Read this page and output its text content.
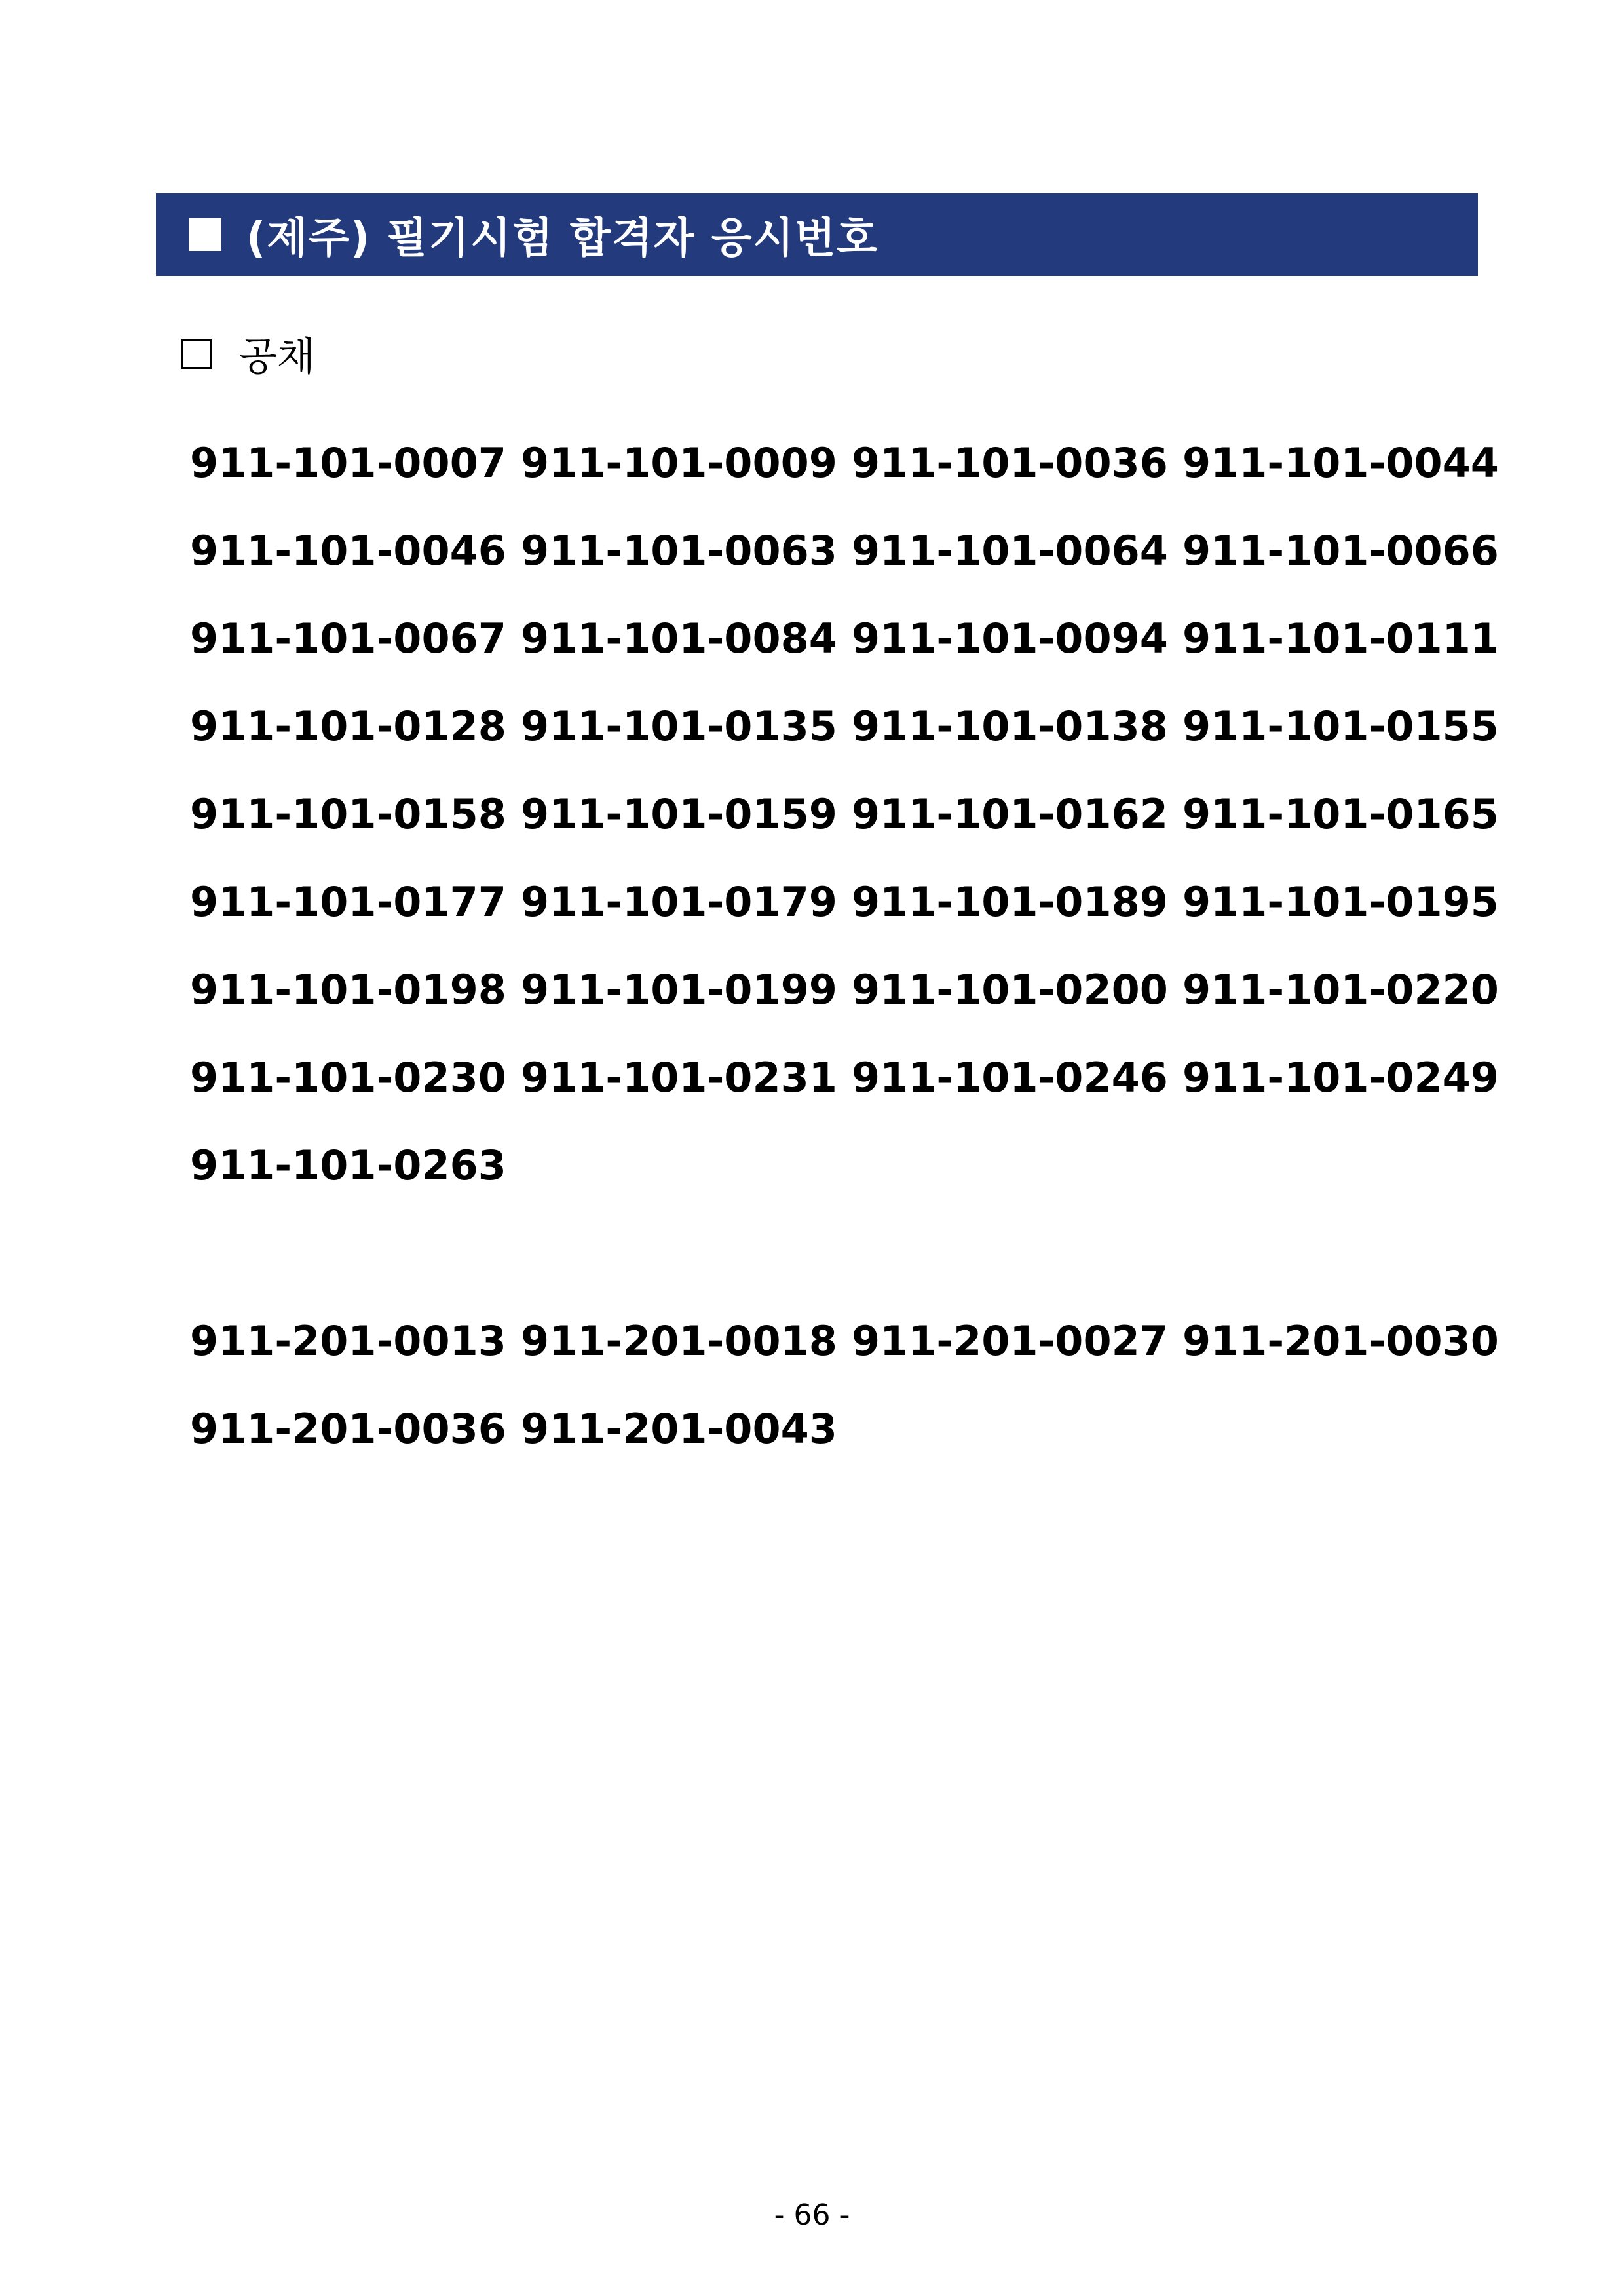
(제주) 필기시험 합격자 응시번호
공채
911-101-0007 911-101-0009 911-101-0036 911-101-0044
911-101-0046 911-101-0063 911-101-0064 911-101-0066
911-101-0067 911-101-0084 911-101-0094 911-101-0111
911-101-0128 911-101-0135 911-101-0138 911-101-0155
911-101-0158 911-101-0159 911-101-0162 911-101-0165
911-101-0177 911-101-0179 911-101-0189 911-101-0195
911-101-0198 911-101-0199 911-101-0200 911-101-0220
911-101-0230 911-101-0231 911-101-0246 911-101-0249
911-101-0263
911-201-0013 911-201-0018 911-201-0027 911-201-0030
911-201-0036 911-201-0043
- 66 -
